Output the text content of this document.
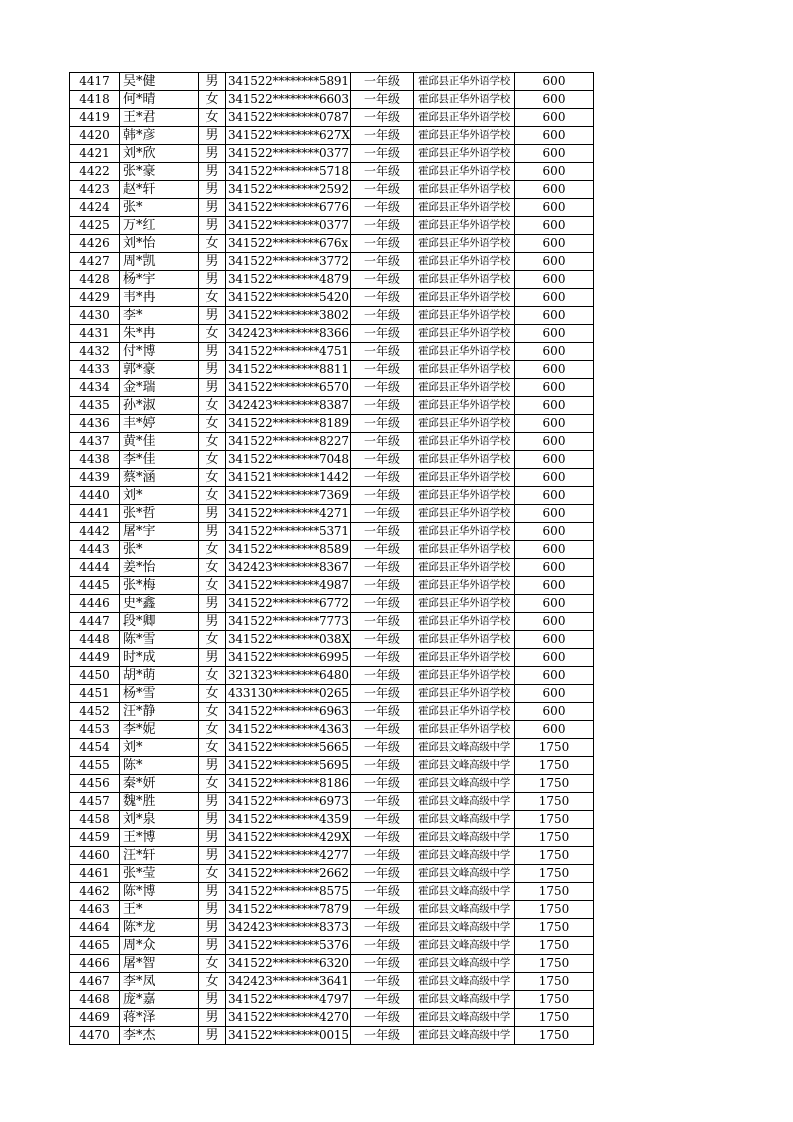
4417	吴*健	男	341522********5891	一年级	霍邱县正华外语学校	600
4418	何*晴	女	341522********6603	一年级	霍邱县正华外语学校	600
4419	王*君	女	341522********0787	一年级	霍邱县正华外语学校	600
4420	韩*彦	男	341522********627X	一年级	霍邱县正华外语学校	600
4421	刘*欣	男	341522********0377	一年级	霍邱县正华外语学校	600
4422	张*豪	男	341522********5718	一年级	霍邱县正华外语学校	600
4423	赵*轩	男	341522********2592	一年级	霍邱县正华外语学校	600
4424	张*	男	341522********6776	一年级	霍邱县正华外语学校	600
4425	万*红	男	341522********0377	一年级	霍邱县正华外语学校	600
4426	刘*怡	女	341522********676x	一年级	霍邱县正华外语学校	600
4427	周*凯	男	341522********3772	一年级	霍邱县正华外语学校	600
4428	杨*宇	男	341522********4879	一年级	霍邱县正华外语学校	600
4429	韦*冉	女	341522********5420	一年级	霍邱县正华外语学校	600
4430	李*	男	341522********3802	一年级	霍邱县正华外语学校	600
4431	朱*冉	女	342423********8366	一年级	霍邱县正华外语学校	600
4432	付*博	男	341522********4751	一年级	霍邱县正华外语学校	600
4433	郭*豪	男	341522********8811	一年级	霍邱县正华外语学校	600
4434	金*瑞	男	341522********6570	一年级	霍邱县正华外语学校	600
4435	孙*淑	女	342423********8387	一年级	霍邱县正华外语学校	600
4436	丰*婷	女	341522********8189	一年级	霍邱县正华外语学校	600
4437	黄*佳	女	341522********8227	一年级	霍邱县正华外语学校	600
4438	李*佳	女	341522********7048	一年级	霍邱县正华外语学校	600
4439	蔡*涵	女	341521********1442	一年级	霍邱县正华外语学校	600
4440	刘*	女	341522********7369	一年级	霍邱县正华外语学校	600
4441	张*哲	男	341522********4271	一年级	霍邱县正华外语学校	600
4442	屠*宇	男	341522********5371	一年级	霍邱县正华外语学校	600
4443	张*	女	341522********8589	一年级	霍邱县正华外语学校	600
4444	姜*怡	女	342423********8367	一年级	霍邱县正华外语学校	600
4445	张*梅	女	341522********4987	一年级	霍邱县正华外语学校	600
4446	史*鑫	男	341522********6772	一年级	霍邱县正华外语学校	600
4447	段*卿	男	341522********7773	一年级	霍邱县正华外语学校	600
4448	陈*雪	女	341522********038X	一年级	霍邱县正华外语学校	600
4449	时*成	男	341522********6995	一年级	霍邱县正华外语学校	600
4450	胡*萌	女	321323********6480	一年级	霍邱县正华外语学校	600
4451	杨*雪	女	433130********0265	一年级	霍邱县正华外语学校	600
4452	汪*静	女	341522********6963	一年级	霍邱县正华外语学校	600
4453	李*妮	女	341522********4363	一年级	霍邱县正华外语学校	600
4454	刘*	女	341522********5665	一年级	霍邱县文峰高级中学	1750
4455	陈*	男	341522********5695	一年级	霍邱县文峰高级中学	1750
4456	秦*妍	女	341522********8186	一年级	霍邱县文峰高级中学	1750
4457	魏*胜	男	341522********6973	一年级	霍邱县文峰高级中学	1750
4458	刘*泉	男	341522********4359	一年级	霍邱县文峰高级中学	1750
4459	王*博	男	341522********429X	一年级	霍邱县文峰高级中学	1750
4460	汪*轩	男	341522********4277	一年级	霍邱县文峰高级中学	1750
4461	张*莹	女	341522********2662	一年级	霍邱县文峰高级中学	1750
4462	陈*博	男	341522********8575	一年级	霍邱县文峰高级中学	1750
4463	王*	男	341522********7879	一年级	霍邱县文峰高级中学	1750
4464	陈*龙	男	342423********8373	一年级	霍邱县文峰高级中学	1750
4465	周*众	男	341522********5376	一年级	霍邱县文峰高级中学	1750
4466	屠*智	女	341522********6320	一年级	霍邱县文峰高级中学	1750
4467	李*凤	女	342423********3641	一年级	霍邱县文峰高级中学	1750
4468	庞*嘉	男	341522********4797	一年级	霍邱县文峰高级中学	1750
4469	蒋*泽	男	341522********4270	一年级	霍邱县文峰高级中学	1750
4470	李*杰	男	341522********0015	一年级	霍邱县文峰高级中学	1750
